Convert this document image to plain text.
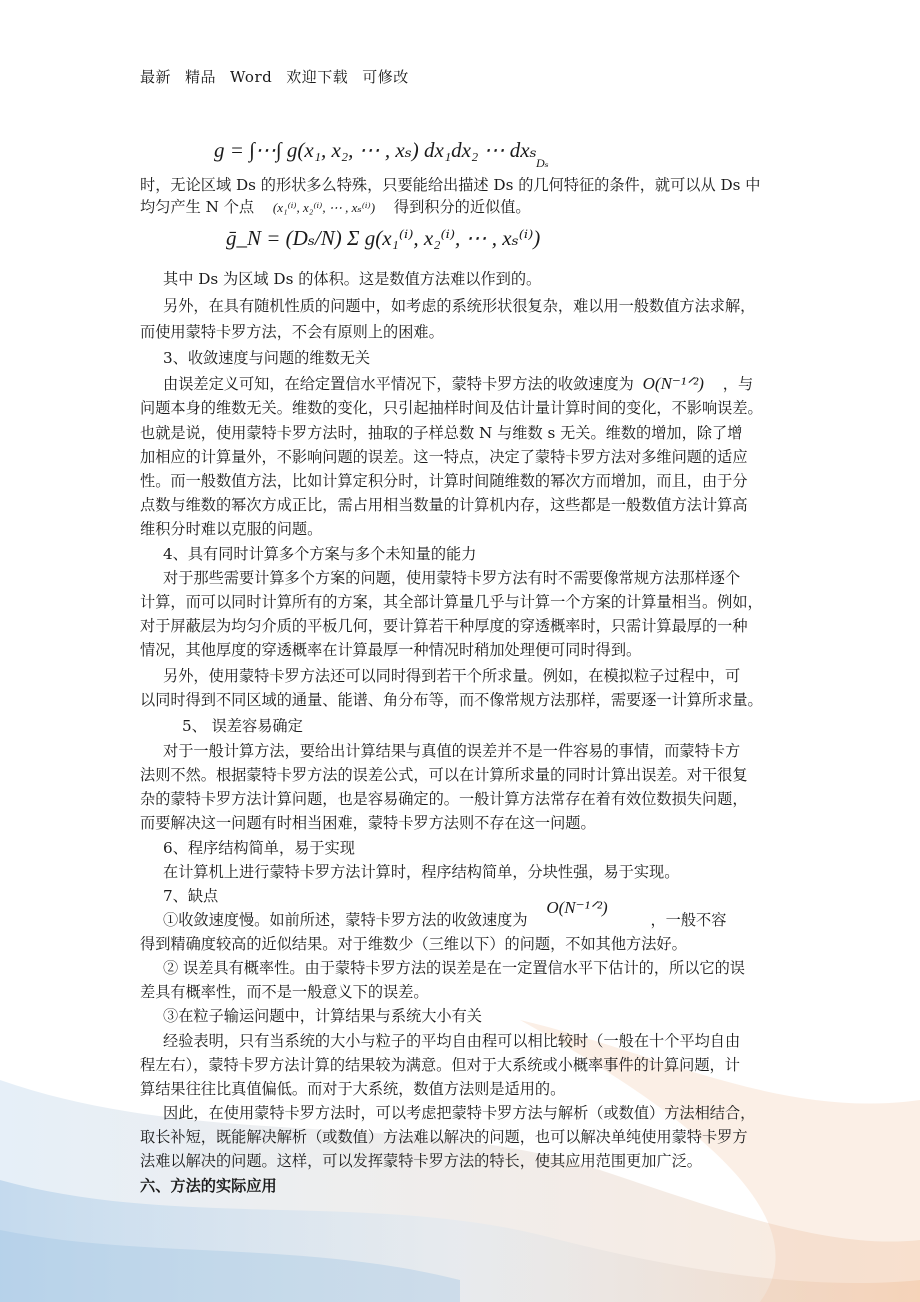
最新 精品 Word 欢迎下载 可修改
g = ∫⋯∫ g(x₁, x₂, ⋯ , xₛ) dx₁dx₂ ⋯ dxₛ $_{D_s}$
时，无论区域 Ds 的形状多么特殊，只要能给出描述 Ds 的几何特征的条件，就可以从 Ds 中
均匀产生 N 个点 (x₁⁽ⁱ⁾, x₂⁽ⁱ⁾, ⋯ , xₛ⁽ⁱ⁾) 得到积分的近似值。
ḡ_N = (Dₛ/N) Σ g(x₁⁽ⁱ⁾, x₂⁽ⁱ⁾, ⋯ , xₛ⁽ⁱ⁾)
其中 Ds 为区域 Ds 的体积。这是数值方法难以作到的。
另外，在具有随机性质的问题中，如考虑的系统形状很复杂，难以用一般数值方法求解，
而使用蒙特卡罗方法，不会有原则上的困难。
3、收敛速度与问题的维数无关
由误差定义可知，在给定置信水平情况下，蒙特卡罗方法的收敛速度为 O(N⁻¹ᐟ²) ，与
问题本身的维数无关。维数的变化，只引起抽样时间及估计量计算时间的变化，不影响误差。
也就是说，使用蒙特卡罗方法时，抽取的子样总数 N 与维数 s 无关。维数的增加，除了增
加相应的计算量外，不影响问题的误差。这一特点，决定了蒙特卡罗方法对多维问题的适应
性。而一般数值方法，比如计算定积分时，计算时间随维数的幂次方而增加，而且，由于分
点数与维数的幂次方成正比，需占用相当数量的计算机内存，这些都是一般数值方法计算高
维积分时难以克服的问题。
4、具有同时计算多个方案与多个未知量的能力
对于那些需要计算多个方案的问题，使用蒙特卡罗方法有时不需要像常规方法那样逐个
计算，而可以同时计算所有的方案，其全部计算量几乎与计算一个方案的计算量相当。例如，
对于屏蔽层为均匀介质的平板几何，要计算若干种厚度的穿透概率时，只需计算最厚的一种
情况，其他厚度的穿透概率在计算最厚一种情况时稍加处理便可同时得到。
另外，使用蒙特卡罗方法还可以同时得到若干个所求量。例如，在模拟粒子过程中，可
以同时得到不同区域的通量、能谱、角分布等，而不像常规方法那样，需要逐一计算所求量。
5、 误差容易确定
对于一般计算方法，要给出计算结果与真值的误差并不是一件容易的事情，而蒙特卡方
法则不然。根据蒙特卡罗方法的误差公式，可以在计算所求量的同时计算出误差。对干很复
杂的蒙特卡罗方法计算问题，也是容易确定的。一般计算方法常存在着有效位数损失问题，
而要解决这一问题有时相当困难，蒙特卡罗方法则不存在这一问题。
6、程序结构简单，易于实现
在计算机上进行蒙特卡罗方法计算时，程序结构简单，分块性强，易于实现。
7、缺点
①收敛速度慢。如前所述，蒙特卡罗方法的收敛速度为 O(N⁻¹ᐟ²) ，一般不容
得到精确度较高的近似结果。对于维数少（三维以下）的问题，不如其他方法好。
② 误差具有概率性。由于蒙特卡罗方法的误差是在一定置信水平下估计的，所以它的误
差具有概率性，而不是一般意义下的误差。
③在粒子输运问题中，计算结果与系统大小有关
经验表明，只有当系统的大小与粒子的平均自由程可以相比较时（一般在十个平均自由
程左右），蒙特卡罗方法计算的结果较为满意。但对于大系统或小概率事件的计算问题，计
算结果往往比真值偏低。而对于大系统，数值方法则是适用的。
因此，在使用蒙特卡罗方法时，可以考虑把蒙特卡罗方法与解析（或数值）方法相结合，
取长补短，既能解决解析（或数值）方法难以解决的问题，也可以解决单纯使用蒙特卡罗方
法难以解决的问题。这样，可以发挥蒙特卡罗方法的特长，使其应用范围更加广泛。
六、方法的实际应用
